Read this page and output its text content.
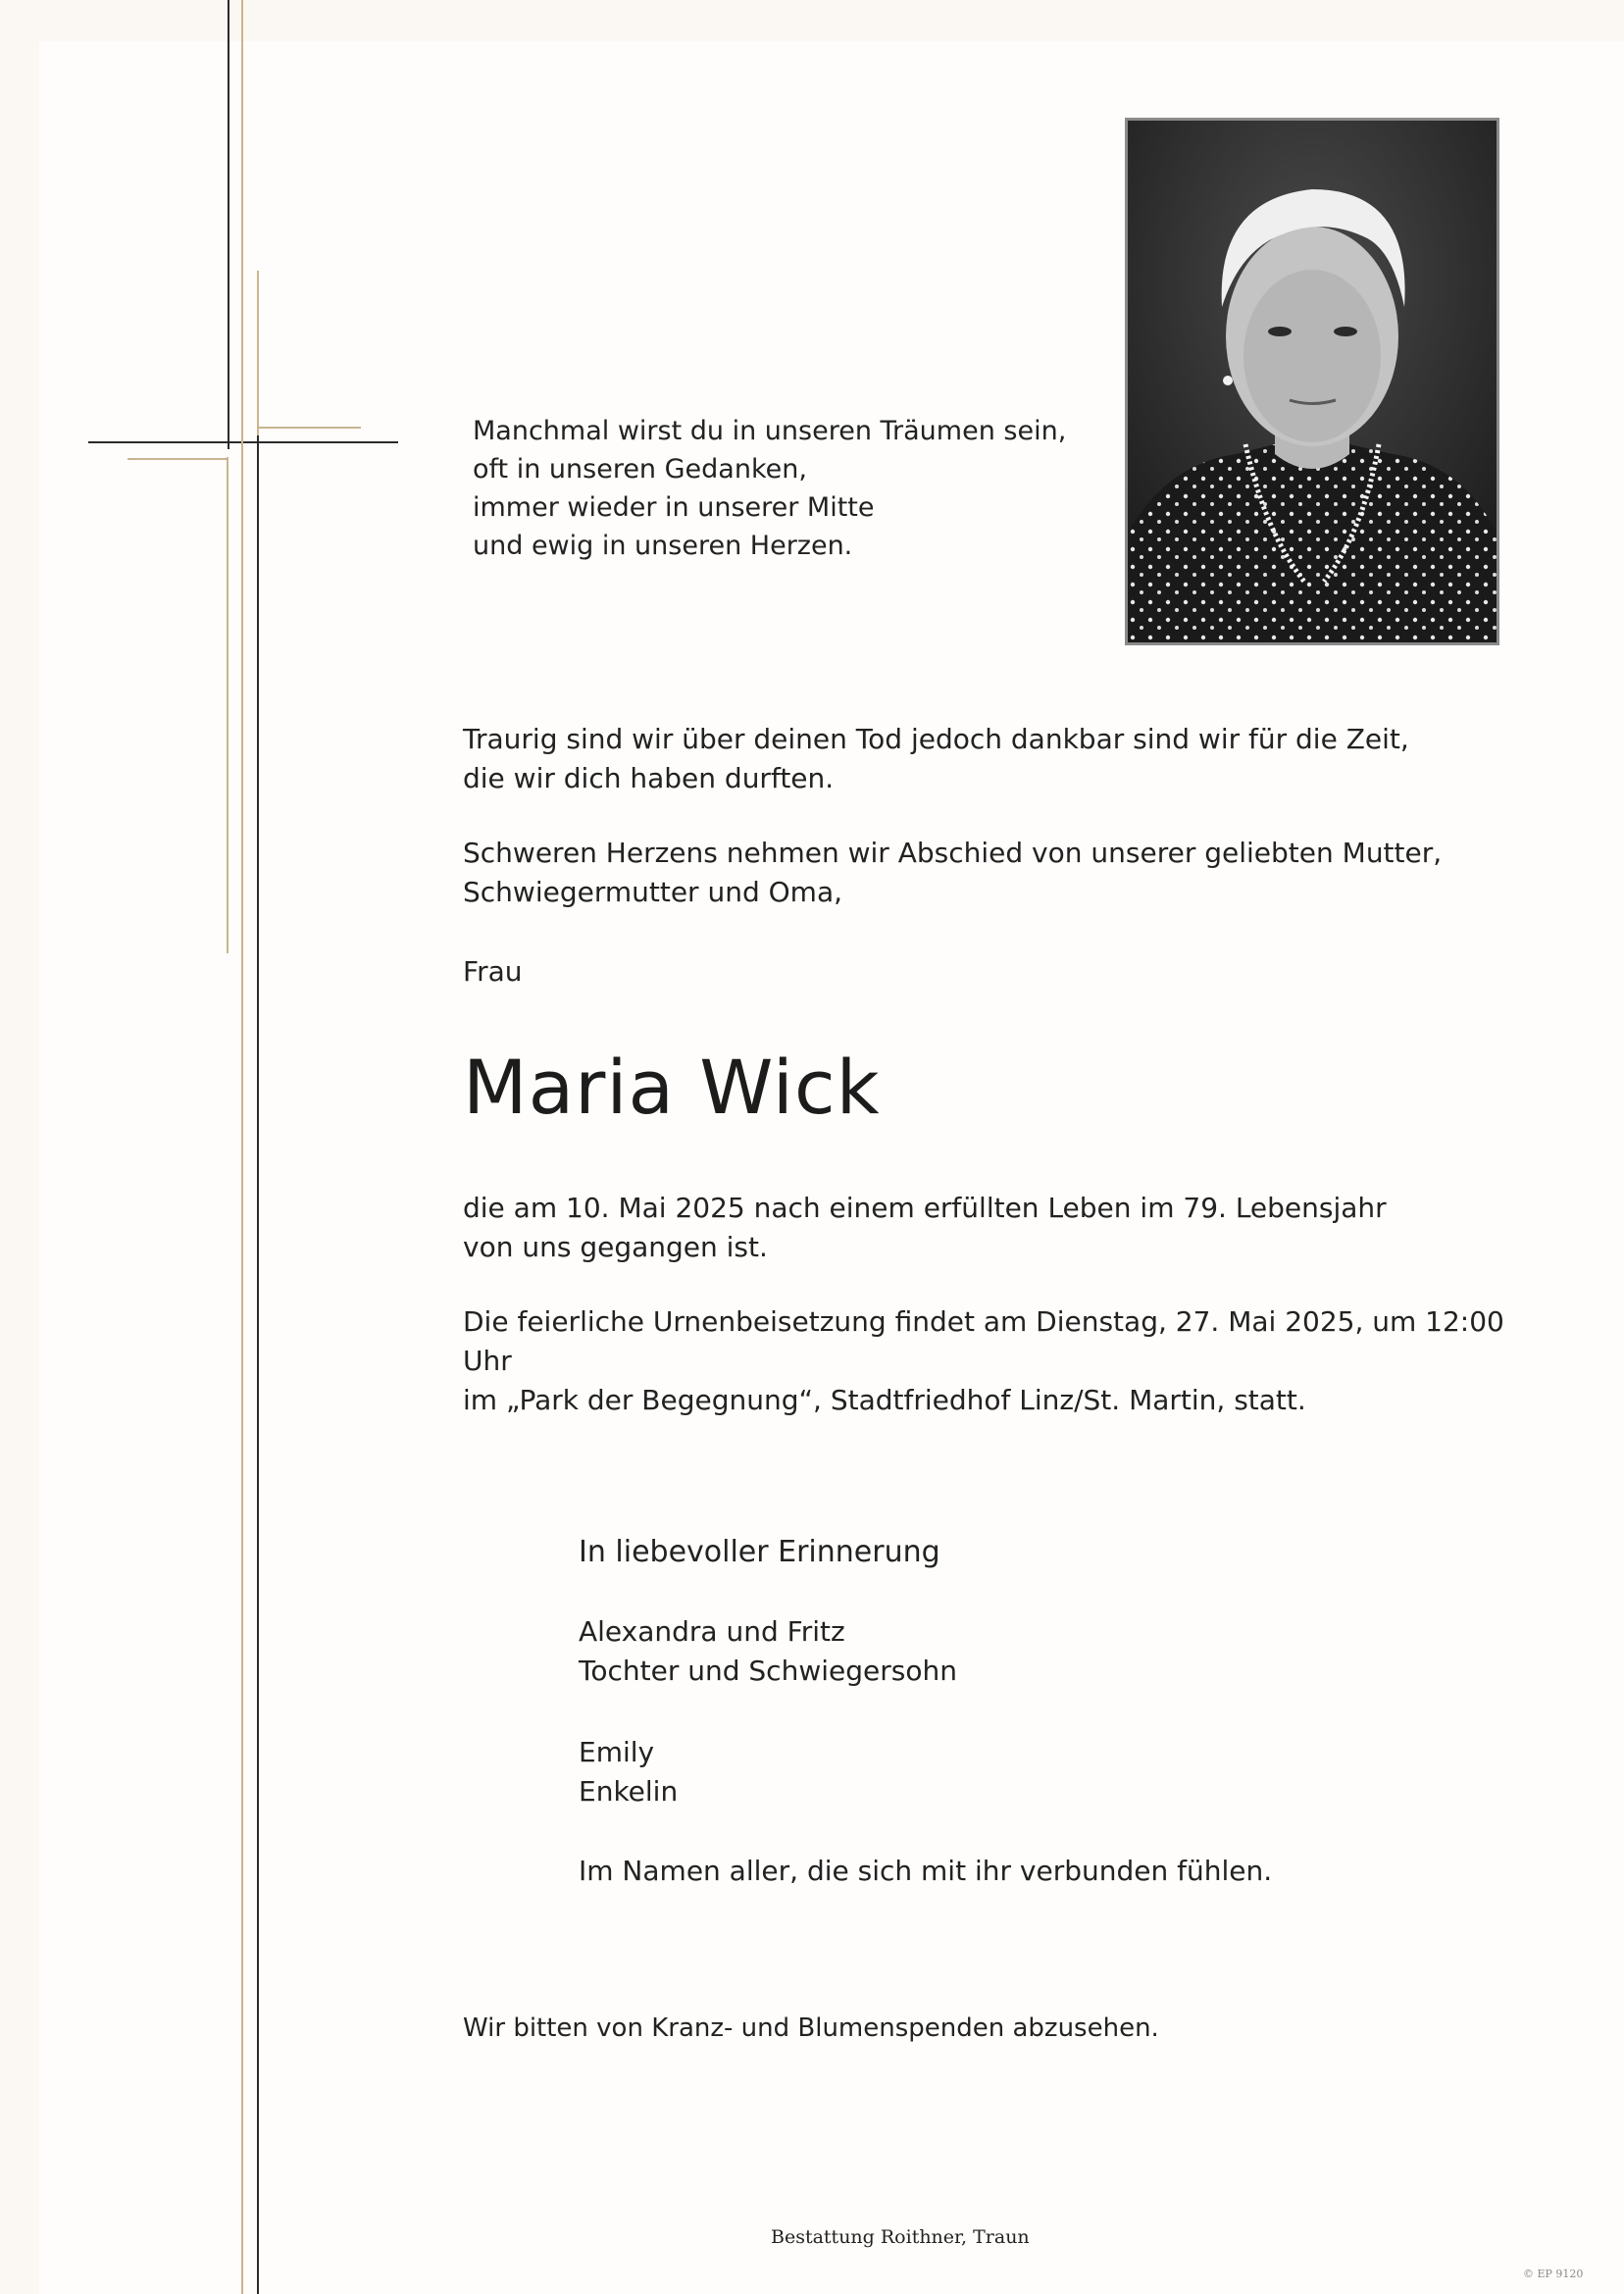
Manchmal wirst du in unseren Träumen sein,
oft in unseren Gedanken,
immer wieder in unserer Mitte
und ewig in unseren Herzen.
Traurig sind wir über deinen Tod jedoch dankbar sind wir für die Zeit,
die wir dich haben durften.
Schweren Herzens nehmen wir Abschied von unserer geliebten Mutter,
Schwiegermutter und Oma,
Frau
Maria Wick
die am 10. Mai 2025 nach einem erfüllten Leben im 79. Lebensjahr
von uns gegangen ist.
Die feierliche Urnenbeisetzung findet am Dienstag, 27. Mai 2025, um 12:00 Uhr
im „Park der Begegnung“, Stadtfriedhof Linz/St. Martin, statt.
In liebevoller Erinnerung
Alexandra und Fritz
Tochter und Schwiegersohn
Emily
Enkelin
Im Namen aller, die sich mit ihr verbunden fühlen.
Wir bitten von Kranz- und Blumenspenden abzusehen.
Bestattung Roithner, Traun
© EP 9120
